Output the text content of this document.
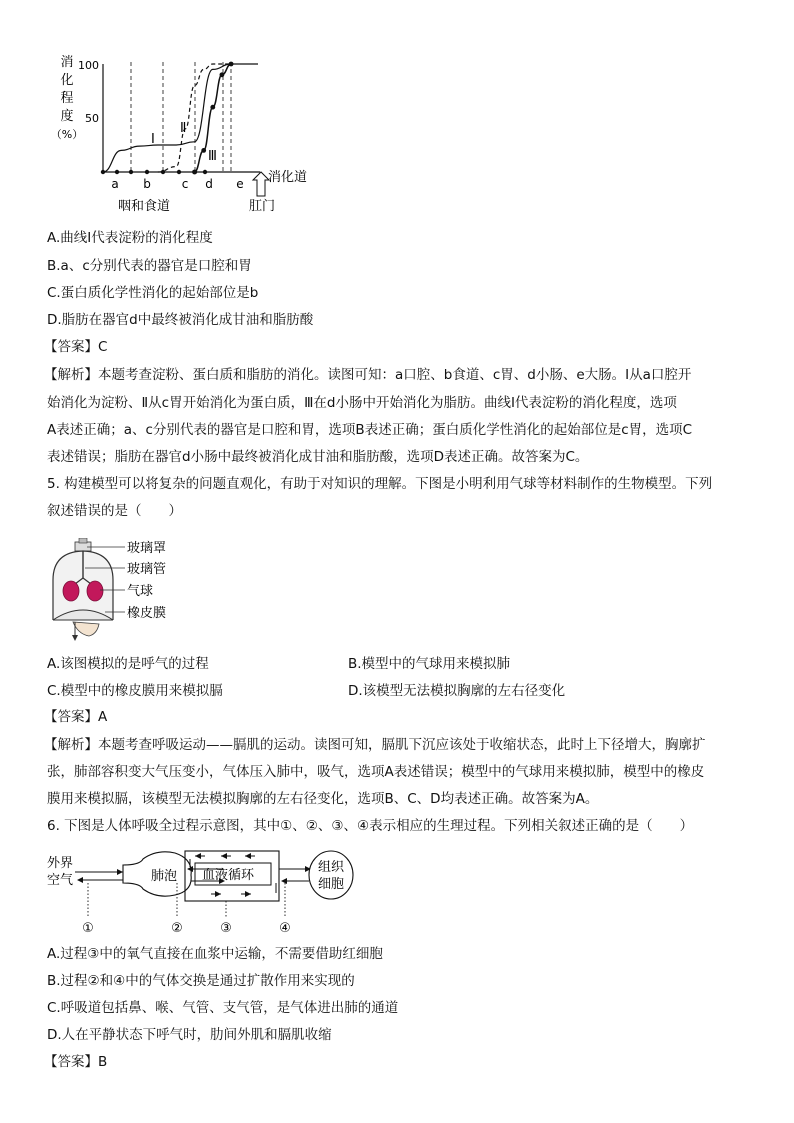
消
化
程
度
（%）
100
50
Ⅰ
Ⅱ
Ⅲ
a b	c d e 消化道
咽和食道	肛门
A.曲线Ⅰ代表淀粉的消化程度
B.a、c分别代表的器官是口腔和胃
C.蛋白质化学性消化的起始部位是b
D.脂肪在器官d中最终被消化成甘油和脂肪酸
【答案】C
【解析】本题考查淀粉、蛋白质和脂肪的消化。读图可知：a口腔、b食道、c胃、d小肠、e大肠。Ⅰ从a口腔开
始消化为淀粉、Ⅱ从c胃开始消化为蛋白质，Ⅲ在d小肠中开始消化为脂肪。曲线Ⅰ代表淀粉的消化程度，选项
A表述正确；a、c分别代表的器官是口腔和胃，选项B表述正确；蛋白质化学性消化的起始部位是c胃，选项C
表述错误；脂肪在器官d小肠中最终被消化成甘油和脂肪酸，选项D表述正确。故答案为C。
5. 构建模型可以将复杂的问题直观化，有助于对知识的理解。下图是小明利用气球等材料制作的生物模型。下列
叙述错误的是（　　）
玻璃罩
玻璃管
气球
橡皮膜
A.该图模拟的是呼气的过程	B.模型中的气球用来模拟肺
C.模型中的橡皮膜用来模拟膈	D.该模型无法模拟胸廓的左右径变化
【答案】A
【解析】本题考查呼吸运动——膈肌的运动。读图可知，膈肌下沉应该处于收缩状态，此时上下径增大，胸廓扩
张，肺部容积变大气压变小，气体压入肺中，吸气，选项A表述错误；模型中的气球用来模拟肺，模型中的橡皮
膜用来模拟膈，该模型无法模拟胸廓的左右径变化，选项B、C、D均表述正确。故答案为A。
6. 下图是人体呼吸全过程示意图，其中①、②、③、④表示相应的生理过程。下列相关叙述正确的是（　　）
外界
空气	肺泡 血液循环
组织
细胞
①	②	③	④
A.过程③中的氧气直接在血浆中运输，不需要借助红细胞
B.过程②和④中的气体交换是通过扩散作用来实现的
C.呼吸道包括鼻、喉、气管、支气管，是气体进出肺的通道
D.人在平静状态下呼气时，肋间外肌和膈肌收缩
【答案】B
